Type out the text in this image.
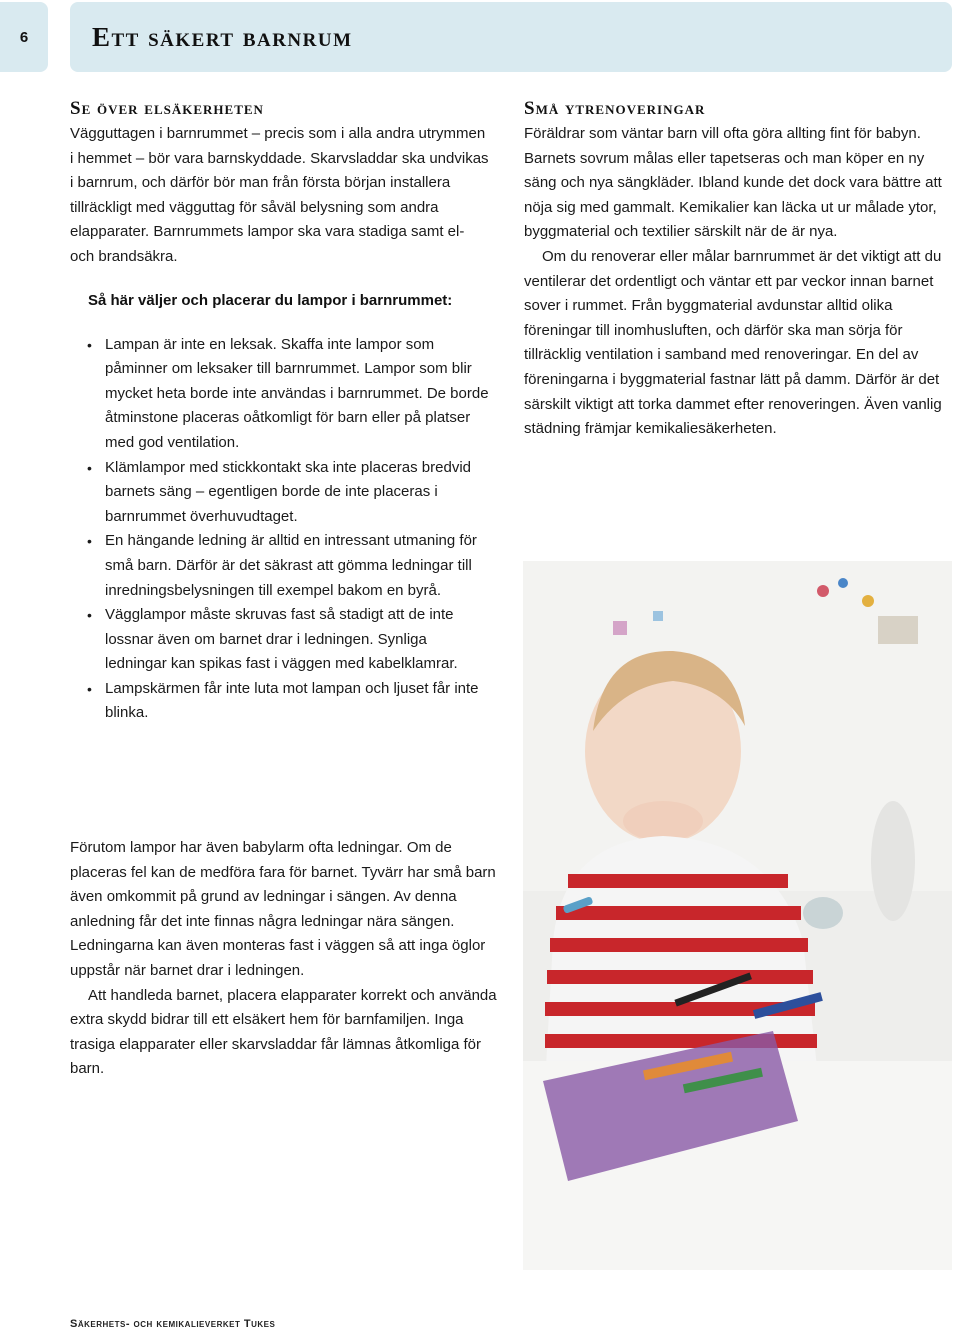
6	Ett säkert barnrum
Se över elsäkerheten

Vägguttagen i barnrummet – precis som i alla andra utrymmen i hemmet – bör vara barnskyddade. Skarvsladdar ska undvikas i barnrum, och därför bör man från första början installera tillräckligt med vägguttag för såväl belysning som andra elapparater. Barnrummets lampor ska vara stadiga samt el- och brandsäkra.

Så här väljer och placerar du lampor i barnrummet:

• Lampan är inte en leksak. Skaffa inte lampor som påminner om leksaker till barnrummet. Lampor som blir mycket heta borde inte användas i barnrummet. De borde åtminstone placeras oåtkomligt för barn eller på platser med god ventilation.
• Klämlampor med stickkontakt ska inte placeras bredvid barnets säng – egentligen borde de inte placeras i barnrummet överhuvudtaget.
• En hängande ledning är alltid en intressant utmaning för små barn. Därför är det säkrast att gömma ledningar till inredningsbelysningen till exempel bakom en byrå.
• Vägglampor måste skruvas fast så stadigt att de inte lossnar även om barnet drar i ledningen. Synliga ledningar kan spikas fast i väggen med kabelklamrar.
• Lampskärmen får inte luta mot lampan och ljuset får inte blinka.

Förutom lampor har även babylarm ofta ledningar. Om de placeras fel kan de medföra fara för barnet. Tyvärr har små barn även omkommit på grund av ledningar i sängen. Av denna anledning får det inte finnas några ledningar nära sängen. Ledningarna kan även monteras fast i väggen så att inga öglor uppstår när barnet drar i ledningen.

Att handleda barnet, placera elapparater korrekt och använda extra skydd bidrar till ett elsäkert hem för barnfamiljen. Inga trasiga elapparater eller skarvsladdar får lämnas åtkomliga för barn.

Små ytrenoveringar

Föräldrar som väntar barn vill ofta göra allting fint för babyn. Barnets sovrum målas eller tapetseras och man köper en ny säng och nya sängkläder. Ibland kunde det dock vara bättre att nöja sig med gammalt. Kemikalier kan läcka ut ur målade ytor, byggmaterial och textilier särskilt när de är nya.

Om du renoverar eller målar barnrummet är det viktigt att du ventilerar det ordentligt och väntar ett par veckor innan barnet sover i rummet. Från byggmaterial avdunstar alltid olika föreningar till inomhusluften, och därför ska man sörja för tillräcklig ventilation i samband med renoveringar. En del av föreningarna i byggmaterial fastnar lätt på damm. Därför är det särskilt viktigt att torka dammet efter renoveringen. Även vanlig städning främjar kemikaliesäkerheten.

Säkerhets- och kemikalieverket Tukes
